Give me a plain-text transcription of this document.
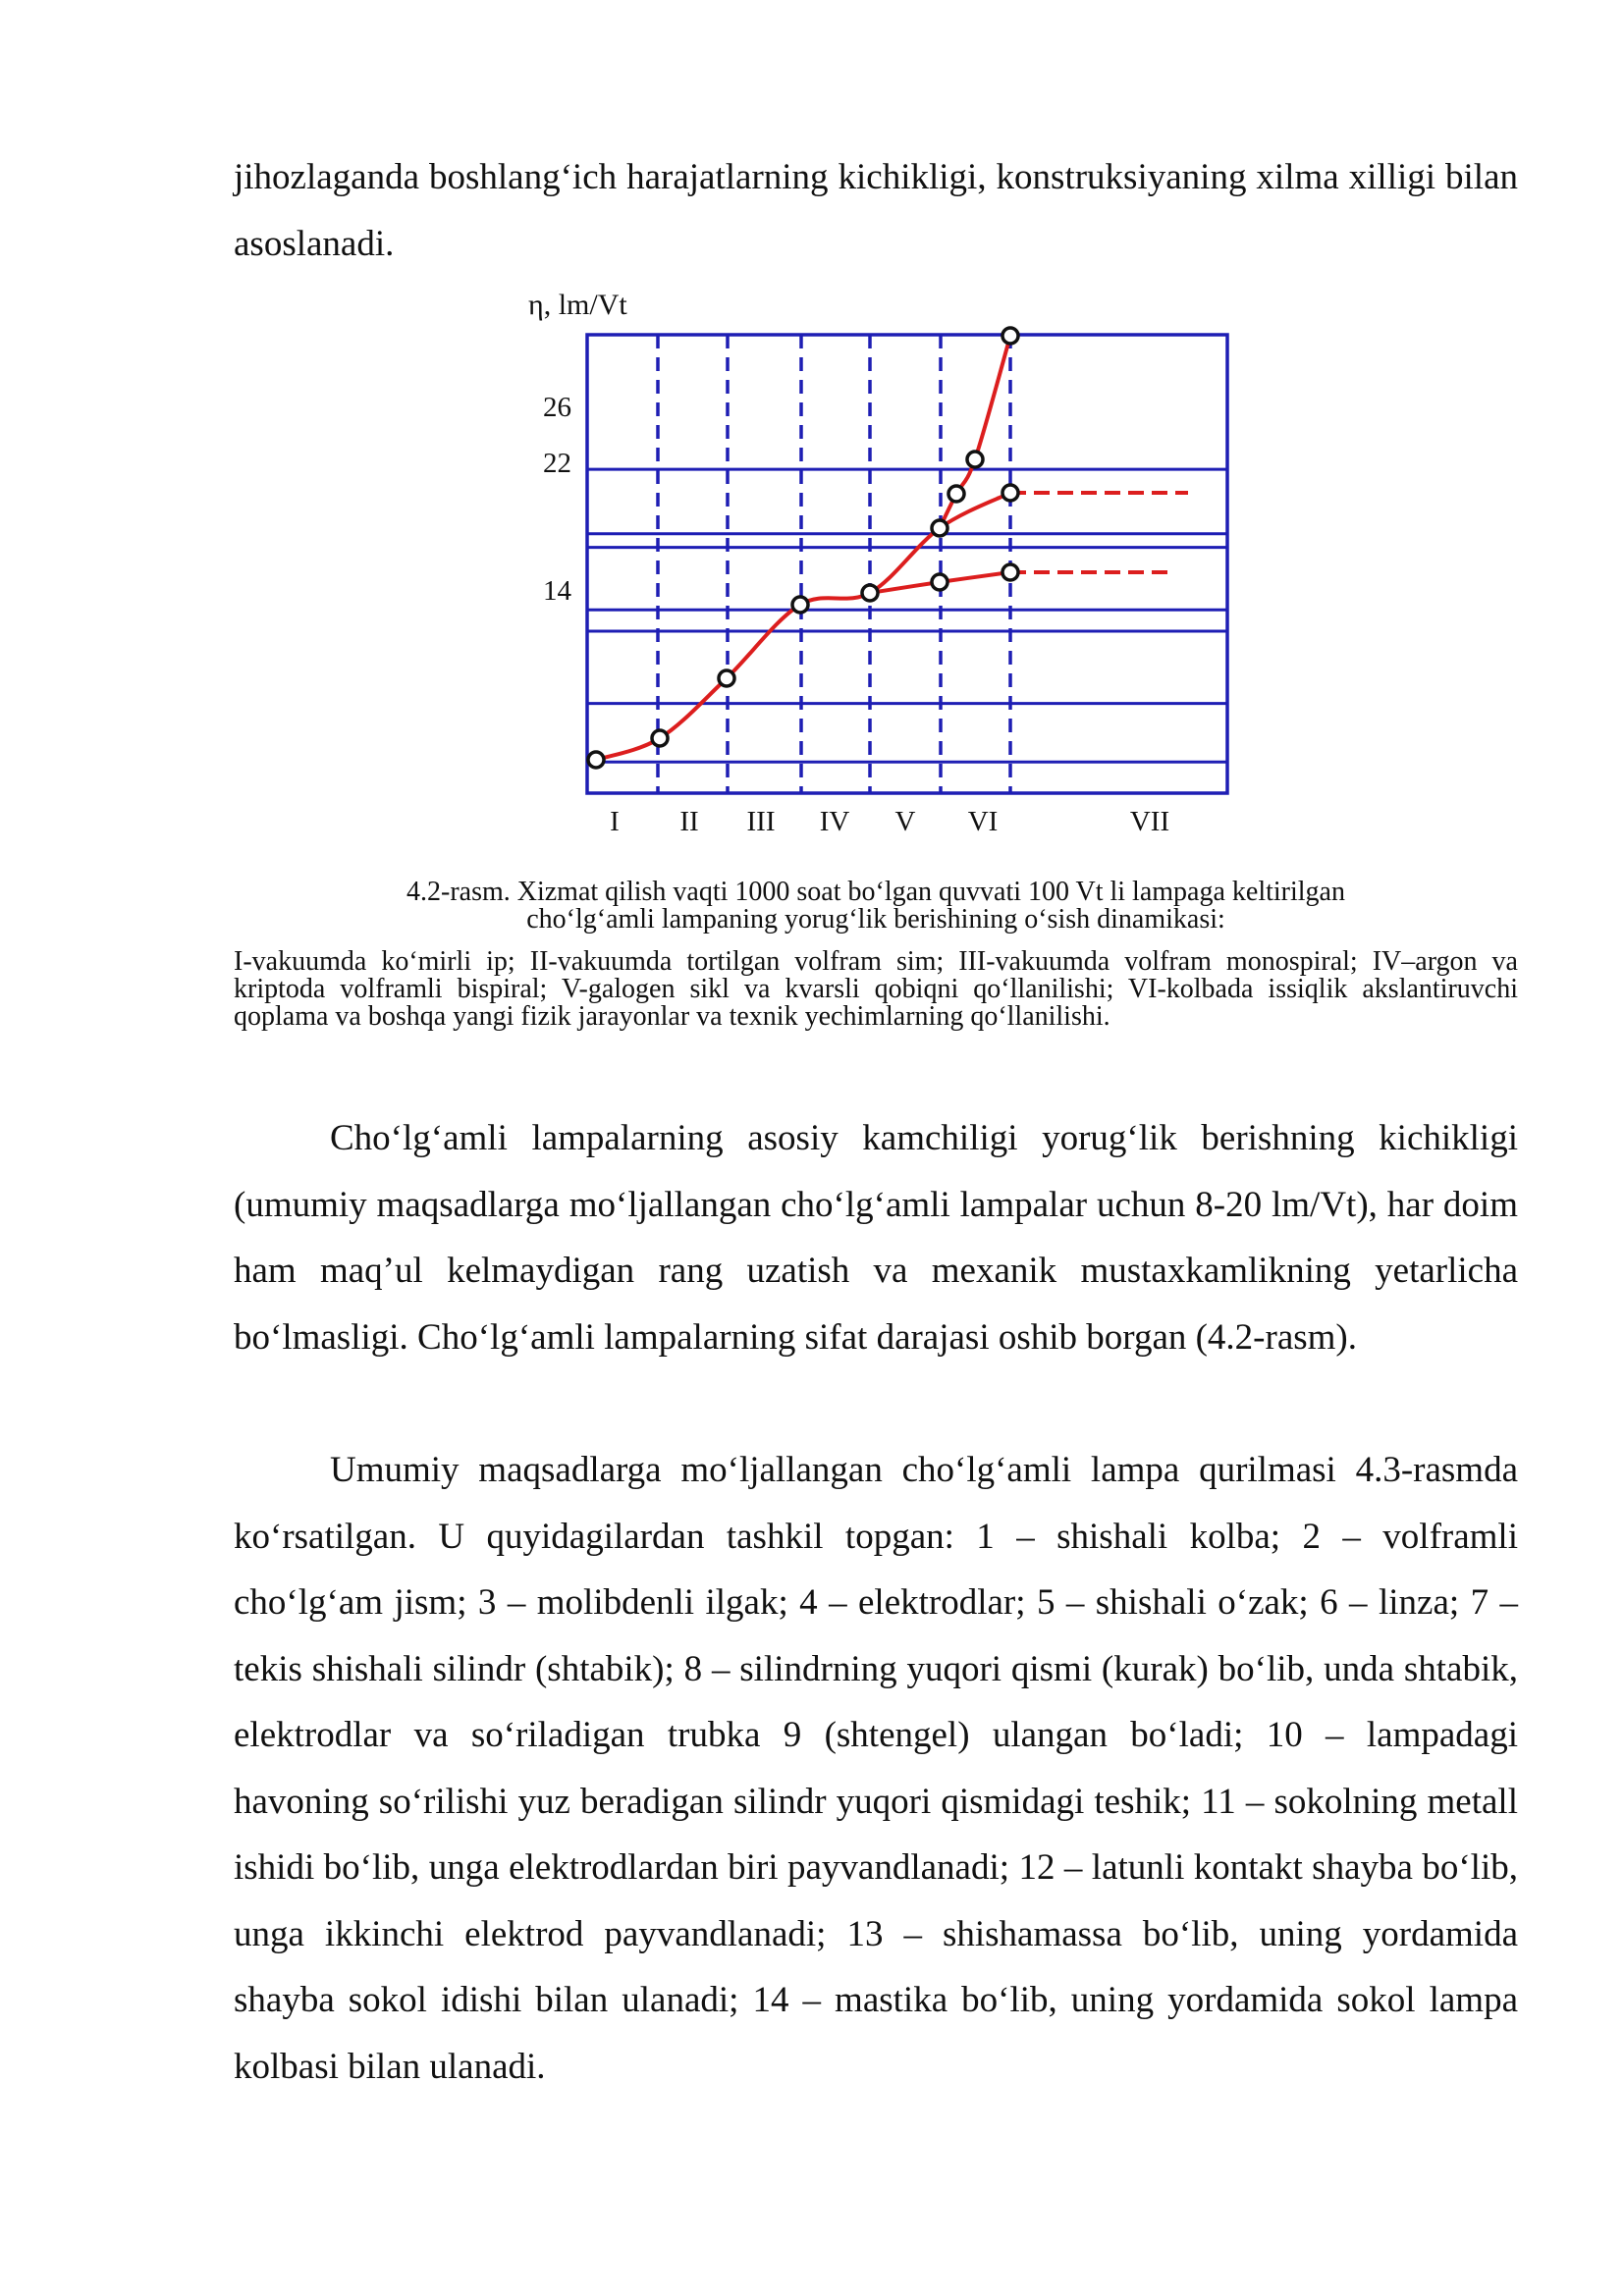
jihozlaganda boshlang‘ich harajatlarning kichikligi, konstruksiyaning xilma xilligi bilan asoslanadi.

η, lm/Vt
14
22
26
I II III IV V VI	VII

4.2-rasm. Xizmat qilish vaqti 1000 soat bo‘lgan quvvati 100 Vt li lampaga keltirilgan
cho‘lg‘amli lampaning yorug‘lik berishining o‘sish dinamikasi:

I-vakuumda ko‘mirli ip; II-vakuumda tortilgan volfram sim; III-vakuumda volfram monospiral; IV–argon va kriptoda volframli bispiral; V-galogen sikl va kvarsli qobiqni qo‘llanilishi; VI-kolbada issiqlik akslantiruvchi qoplama va boshqa yangi fizik jarayonlar va texnik yechimlarning qo‘llanilishi.

Cho‘lg‘amli lampalarning asosiy kamchiligi yorug‘lik berishning kichikligi (umumiy maqsadlarga mo‘ljallangan cho‘lg‘amli lampalar uchun 8-20 lm/Vt), har doim ham maq’ul kelmaydigan rang uzatish va mexanik mustaxkamlikning yetarlicha bo‘lmasligi. Cho‘lg‘amli lampalarning sifat darajasi oshib borgan (4.2-rasm).

Umumiy maqsadlarga mo‘ljallangan cho‘lg‘amli lampa qurilmasi 4.3-rasmda ko‘rsatilgan. U quyidagilardan tashkil topgan: 1 – shishali kolba; 2 – volframli cho‘lg‘am jism; 3 – molibdenli ilgak; 4 – elektrodlar; 5 – shishali o‘zak; 6 – linza; 7 – tekis shishali silindr (shtabik); 8 – silindrning yuqori qismi (kurak) bo‘lib, unda shtabik, elektrodlar va so‘riladigan trubka 9 (shtengel) ulangan bo‘ladi; 10 – lampadagi havoning so‘rilishi yuz beradigan silindr yuqori qismidagi teshik; 11 – sokolning metall ishidi bo‘lib, unga elektrodlardan biri payvandlanadi; 12 – latunli kontakt shayba bo‘lib, unga ikkinchi elektrod payvandlanadi; 13 – shishamassa bo‘lib, uning yordamida shayba sokol idishi bilan ulanadi; 14 – mastika bo‘lib, uning yordamida sokol lampa kolbasi bilan ulanadi.
